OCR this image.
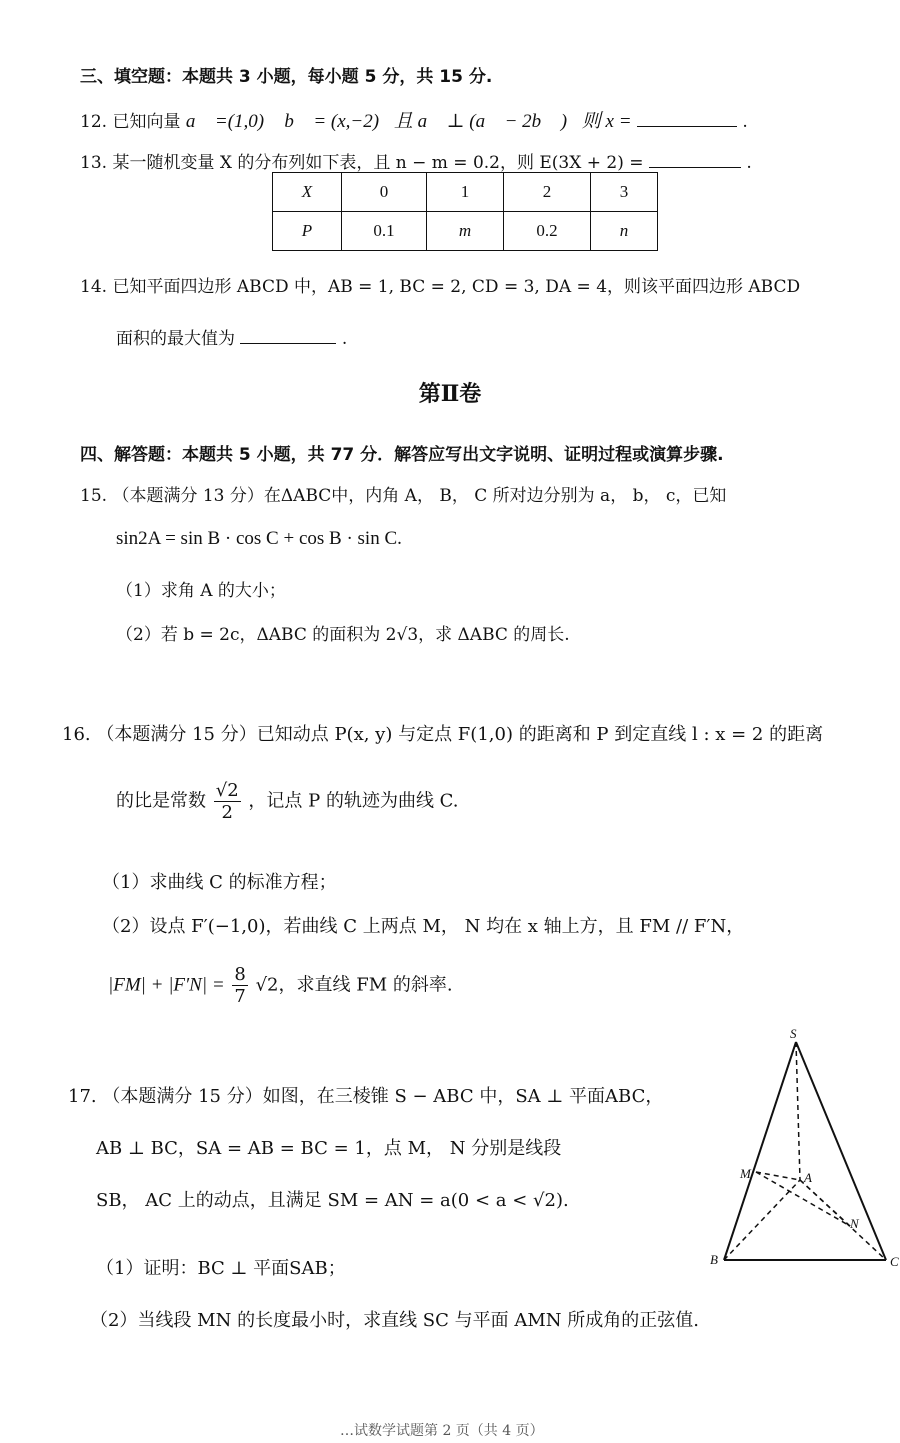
三、填空题：本题共 3 小题，每小题 5 分，共 15 分.
12. 已知向量 a⃗ =(1,0)， b⃗ = (x,−2)，且 a⃗ ⊥ (a⃗ − 2b⃗ )，则 x =	.
13. 某一随机变量 X 的分布列如下表，且 n − m = 0.2，则 E(3X + 2) =	.
X	0	1	2	3
P	0.1	m	0.2	n
14. 已知平面四边形 ABCD 中，AB = 1, BC = 2, CD = 3, DA = 4，则该平面四边形 ABCD
面积的最大值为	.
第Ⅱ卷
四、解答题：本题共 5 小题，共 77 分．解答应写出文字说明、证明过程或演算步骤.
15. （本题满分 13 分）在ΔABC中，内角 A， B， C 所对边分别为 a， b， c，已知
sin2A = sin B · cos C + cos B · sin C.
（1）求角 A 的大小；
（2）若 b = 2c，ΔABC 的面积为 2√3，求 ΔABC 的周长.
16. （本题满分 15 分）已知动点 P(x, y) 与定点 F(1,0) 的距离和 P 到定直线 l : x = 2 的距离
的比是常数 $\frac{√2}{2}$ ，记点 P 的轨迹为曲线 C.
（1）求曲线 C 的标准方程；
（2）设点 F′(−1,0)，若曲线 C 上两点 M， N 均在 x 轴上方，且 FM // F′N，
$|FM| + |F'N| = \frac{8}{7} √2$，求直线 FM 的斜率.
17. （本题满分 15 分）如图，在三棱锥 S − ABC 中，SA ⊥ 平面ABC，
AB ⊥ BC，SA = AB = BC = 1，点 M， N 分别是线段
SB， AC 上的动点，且满足 SM = AN = a(0 < a < √2).
（1）证明：BC ⊥ 平面SAB；
（2）当线段 MN 的长度最小时，求直线 SC 与平面 AMN 所成角的正弦值.
S
A
B	C
M
N
…试数学试题第 2 页（共 4 页）
